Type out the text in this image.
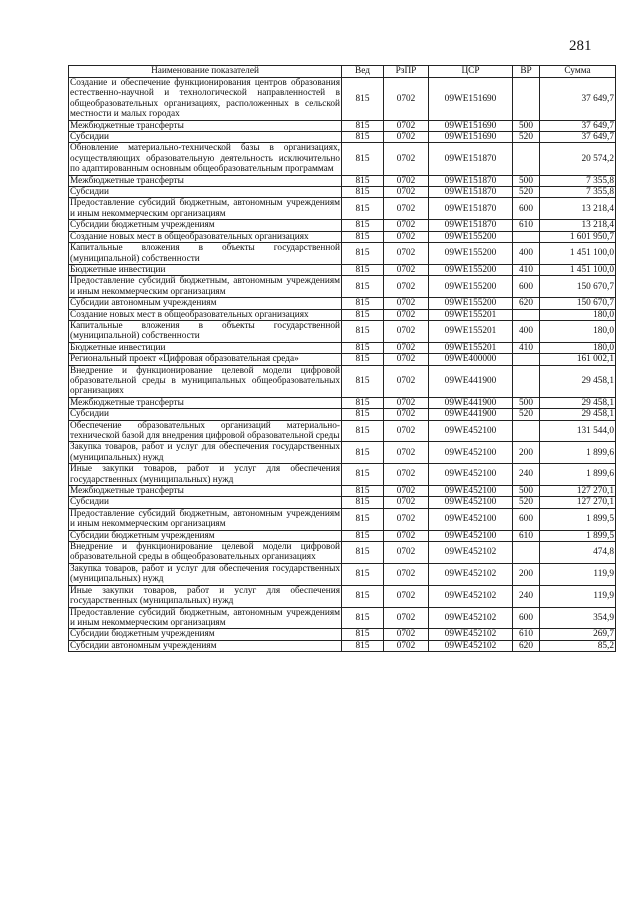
281
Наименование показателей	Вед	РзПР	ЦСР	ВР	Сумма
Создание и обеспечение функционирования центров образования естественно-научной и технологической направленностей в общеобразовательных организациях, расположенных в сельской местности и малых городах	815	0702	09WE151690		37 649,7
Межбюджетные трансферты	815	0702	09WE151690	500	37 649,7
Субсидии	815	0702	09WE151690	520	37 649,7
Обновление материально-технической базы в организациях, осуществляющих образовательную деятельность исключительно по адаптированным основным общеобразовательным программам	815	0702	09WE151870		20 574,2
Межбюджетные трансферты	815	0702	09WE151870	500	7 355,8
Субсидии	815	0702	09WE151870	520	7 355,8
Предоставление субсидий бюджетным, автономным учреждениям и иным некоммерческим организациям	815	0702	09WE151870	600	13 218,4
Субсидии бюджетным учреждениям	815	0702	09WE151870	610	13 218,4
Создание новых мест в общеобразовательных организациях	815	0702	09WE155200		1 601 950,7
Капитальные вложения в объекты государственной (муниципальной) собственности	815	0702	09WE155200	400	1 451 100,0
Бюджетные инвестиции	815	0702	09WE155200	410	1 451 100,0
Предоставление субсидий бюджетным, автономным учреждениям и иным некоммерческим организациям	815	0702	09WE155200	600	150 670,7
Субсидии автономным учреждениям	815	0702	09WE155200	620	150 670,7
Создание новых мест в общеобразовательных организациях	815	0702	09WE155201		180,0
Капитальные вложения в объекты государственной (муниципальной) собственности	815	0702	09WE155201	400	180,0
Бюджетные инвестиции	815	0702	09WE155201	410	180,0
Региональный проект «Цифровая образовательная среда»	815	0702	09WE400000		161 002,1
Внедрение и функционирование целевой модели цифровой образовательной среды в муниципальных общеобразовательных организациях	815	0702	09WE441900		29 458,1
Межбюджетные трансферты	815	0702	09WE441900	500	29 458,1
Субсидии	815	0702	09WE441900	520	29 458,1
Обеспечение образовательных организаций материально-технической базой для внедрения цифровой образовательной среды	815	0702	09WE452100		131 544,0
Закупка товаров, работ и услуг для обеспечения государственных (муниципальных) нужд	815	0702	09WE452100	200	1 899,6
Иные закупки товаров, работ и услуг для обеспечения государственных (муниципальных) нужд	815	0702	09WE452100	240	1 899,6
Межбюджетные трансферты	815	0702	09WE452100	500	127 270,1
Субсидии	815	0702	09WE452100	520	127 270,1
Предоставление субсидий бюджетным, автономным учреждениям и иным некоммерческим организациям	815	0702	09WE452100	600	1 899,5
Субсидии бюджетным учреждениям	815	0702	09WE452100	610	1 899,5
Внедрение и функционирование целевой модели цифровой образовательной среды в общеобразовательных организациях	815	0702	09WE452102		474,8
Закупка товаров, работ и услуг для обеспечения государственных (муниципальных) нужд	815	0702	09WE452102	200	119,9
Иные закупки товаров, работ и услуг для обеспечения государственных (муниципальных) нужд	815	0702	09WE452102	240	119,9
Предоставление субсидий бюджетным, автономным учреждениям и иным некоммерческим организациям	815	0702	09WE452102	600	354,9
Субсидии бюджетным учреждениям	815	0702	09WE452102	610	269,7
Субсидии автономным учреждениям	815	0702	09WE452102	620	85,2
